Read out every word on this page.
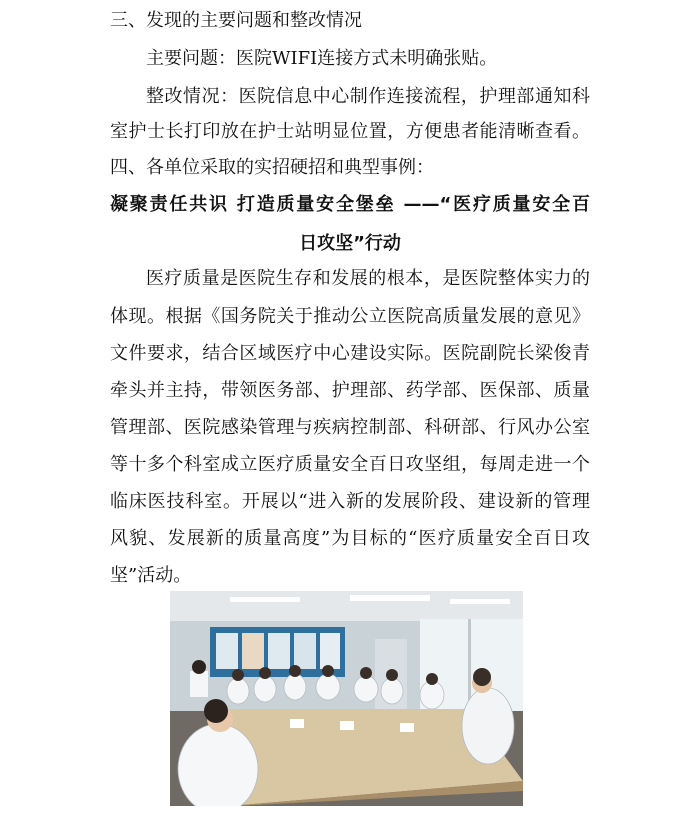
三、发现的主要问题和整改情况
主要问题：医院WIFI连接方式未明确张贴。
整改情况：医院信息中心制作连接流程，护理部通知科
室护士长打印放在护士站明显位置，方便患者能清晰查看。
四、各单位采取的实招硬招和典型事例：
凝聚责任共识 打造质量安全堡垒 ——“医疗质量安全百
日攻坚”行动
医疗质量是医院生存和发展的根本，是医院整体实力的
体现。根据《国务院关于推动公立医院高质量发展的意见》
文件要求，结合区域医疗中心建设实际。医院副院长梁俊青
牵头并主持，带领医务部、护理部、药学部、医保部、质量
管理部、医院感染管理与疾病控制部、科研部、行风办公室
等十多个科室成立医疗质量安全百日攻坚组，每周走进一个
临床医技科室。开展以“进入新的发展阶段、建设新的管理
风貌、发展新的质量高度”为目标的“医疗质量安全百日攻
坚”活动。
